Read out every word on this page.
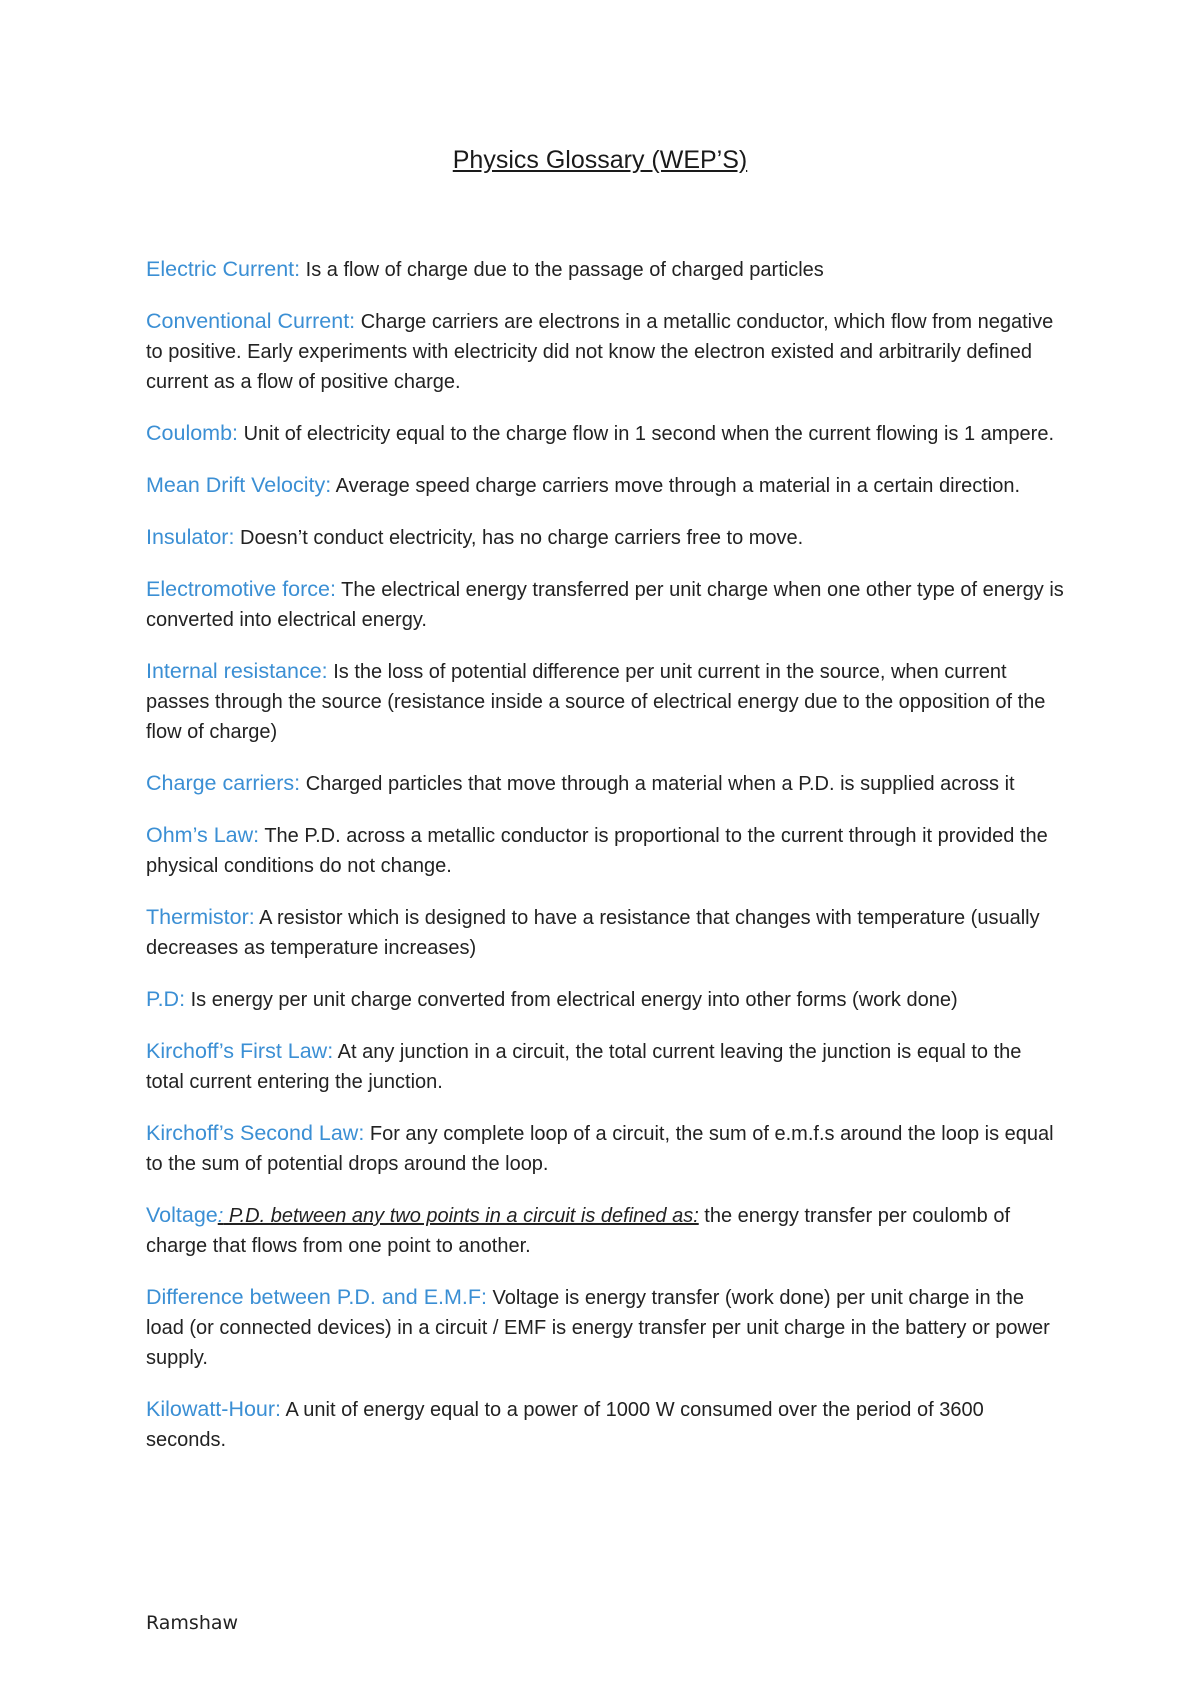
Physics Glossary (WEP’S)

Electric Current: Is a flow of charge due to the passage of charged particles

Conventional Current: Charge carriers are electrons in a metallic conductor, which flow from negative to positive. Early experiments with electricity did not know the electron existed and arbitrarily defined current as a flow of positive charge.

Coulomb: Unit of electricity equal to the charge flow in 1 second when the current flowing is 1 ampere.

Mean Drift Velocity: Average speed charge carriers move through a material in a certain direction.

Insulator: Doesn’t conduct electricity, has no charge carriers free to move.

Electromotive force: The electrical energy transferred per unit charge when one other type of energy is converted into electrical energy.

Internal resistance: Is the loss of potential difference per unit current in the source, when current passes through the source (resistance inside a source of electrical energy due to the opposition of the flow of charge)

Charge carriers: Charged particles that move through a material when a P.D. is supplied across it

Ohm’s Law: The P.D. across a metallic conductor is proportional to the current through it provided the physical conditions do not change.

Thermistor: A resistor which is designed to have a resistance that changes with temperature (usually decreases as temperature increases)

P.D: Is energy per unit charge converted from electrical energy into other forms (work done)

Kirchoff’s First Law: At any junction in a circuit, the total current leaving the junction is equal to the total current entering the junction.

Kirchoff’s Second Law: For any complete loop of a circuit, the sum of e.m.f.s around the loop is equal to the sum of potential drops around the loop.

Voltage: P.D. between any two points in a circuit is defined as: the energy transfer per coulomb of charge that flows from one point to another.

Difference between P.D. and E.M.F: Voltage is energy transfer (work done) per unit charge in the load (or connected devices) in a circuit / EMF is energy transfer per unit charge in the battery or power supply.

Kilowatt-Hour: A unit of energy equal to a power of 1000 W consumed over the period of 3600 seconds.

Ramshaw
